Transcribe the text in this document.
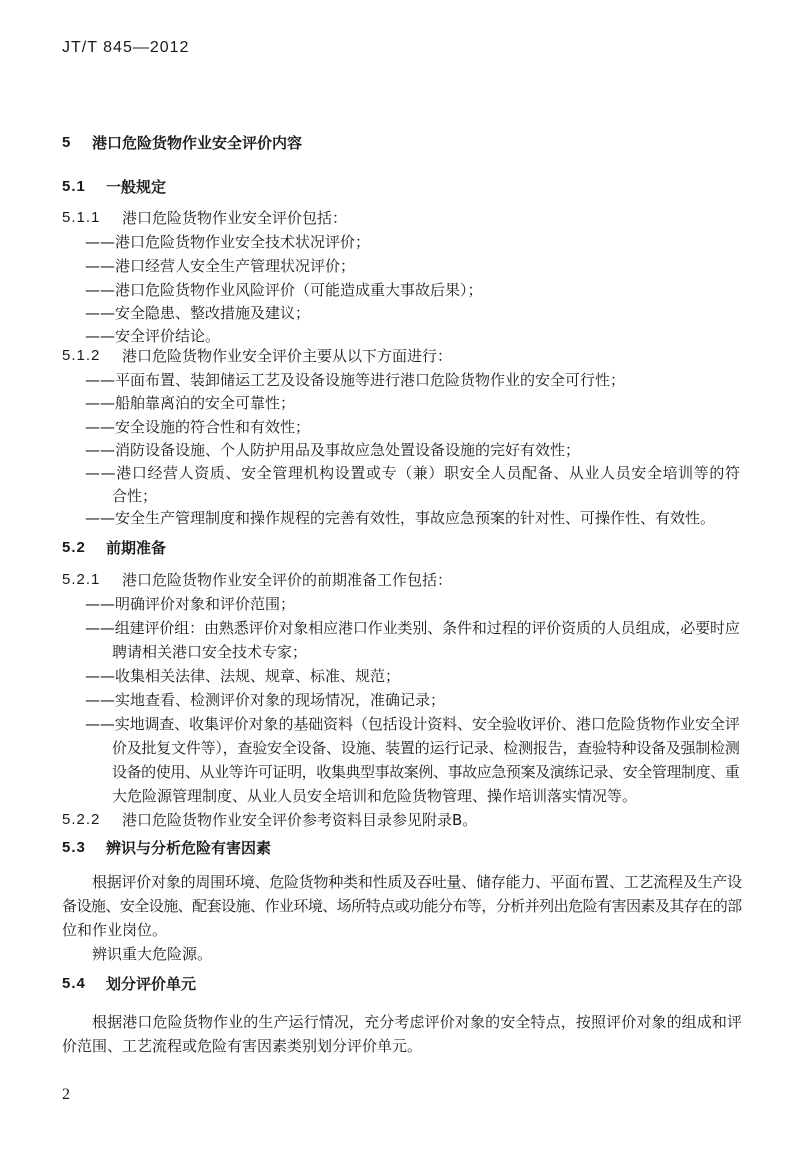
JT/T 845—2012
5 港口危险货物作业安全评价内容
5.1 一般规定
5.1.1 港口危险货物作业安全评价包括：
——港口危险货物作业安全技术状况评价；
——港口经营人安全生产管理状况评价；
——港口危险货物作业风险评价（可能造成重大事故后果）；
——安全隐患、整改措施及建议；
——安全评价结论。
5.1.2 港口危险货物作业安全评价主要从以下方面进行：
——平面布置、装卸储运工艺及设备设施等进行港口危险货物作业的安全可行性；
——船舶靠离泊的安全可靠性；
——安全设施的符合性和有效性；
——消防设备设施、个人防护用品及事故应急处置设备设施的完好有效性；
——港口经营人资质、安全管理机构设置或专（兼）职安全人员配备、从业人员安全培训等的符
合性；
——安全生产管理制度和操作规程的完善有效性，事故应急预案的针对性、可操作性、有效性。
5.2 前期准备
5.2.1 港口危险货物作业安全评价的前期准备工作包括：
——明确评价对象和评价范围；
——组建评价组：由熟悉评价对象相应港口作业类别、条件和过程的评价资质的人员组成，必要时应
聘请相关港口安全技术专家；
——收集相关法律、法规、规章、标准、规范；
——实地查看、检测评价对象的现场情况，准确记录；
——实地调查、收集评价对象的基础资料（包括设计资料、安全验收评价、港口危险货物作业安全评
价及批复文件等），查验安全设备、设施、装置的运行记录、检测报告，查验特种设备及强制检测
设备的使用、从业等许可证明，收集典型事故案例、事故应急预案及演练记录、安全管理制度、重
大危险源管理制度、从业人员安全培训和危险货物管理、操作培训落实情况等。
5.2.2 港口危险货物作业安全评价参考资料目录参见附录B。
5.3 辨识与分析危险有害因素
根据评价对象的周围环境、危险货物种类和性质及吞吐量、储存能力、平面布置、工艺流程及生产设
备设施、安全设施、配套设施、作业环境、场所特点或功能分布等，分析并列出危险有害因素及其存在的部
位和作业岗位。
辨识重大危险源。
5.4 划分评价单元
根据港口危险货物作业的生产运行情况，充分考虑评价对象的安全特点，按照评价对象的组成和评
价范围、工艺流程或危险有害因素类别划分评价单元。
2
